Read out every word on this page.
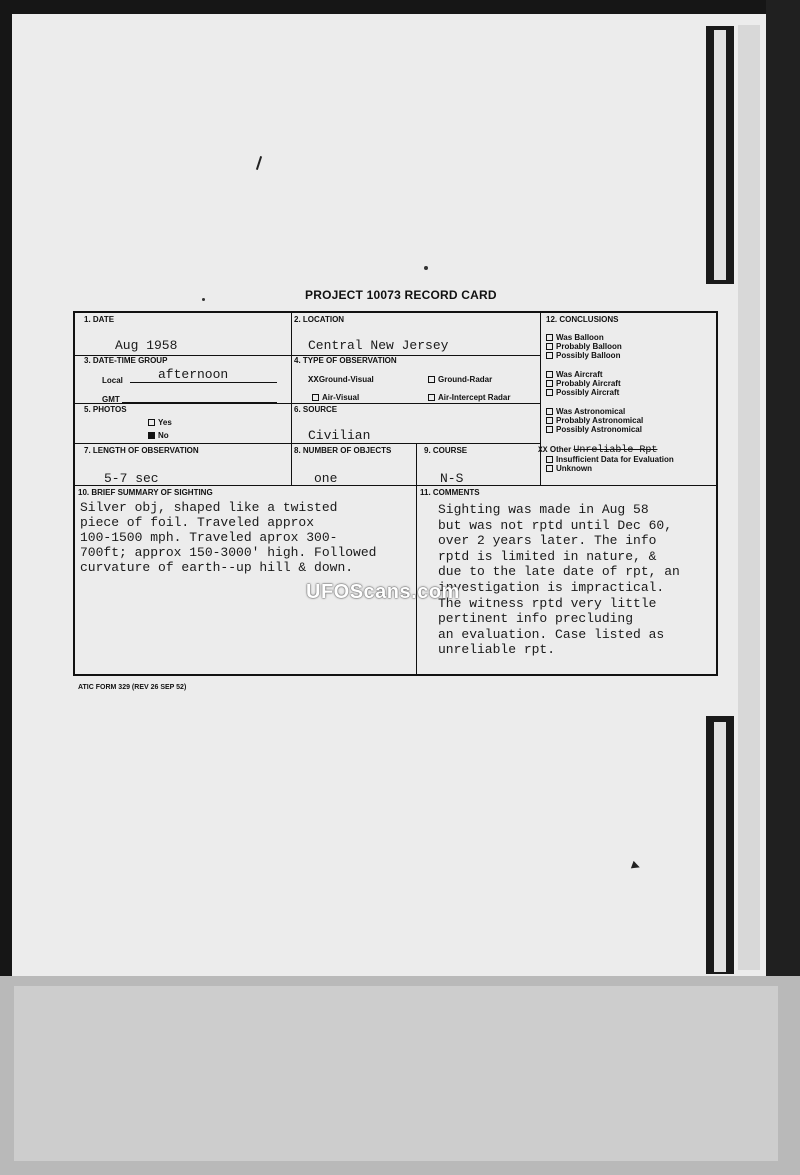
PROJECT 10073 RECORD CARD
1. DATE
Aug 1958
2. LOCATION
Central New Jersey
3. DATE-TIME GROUP
Local	afternoon
GMT
4. TYPE OF OBSERVATION
XXGround-Visual	Ground-Radar
Air-Visual	Air-Intercept Radar
5. PHOTOS
Yes
No
6. SOURCE
Civilian
7. LENGTH OF OBSERVATION
5-7 sec
8. NUMBER OF OBJECTS
one
9. COURSE
N-S
10. BRIEF SUMMARY OF SIGHTING
Silver obj, shaped like a twisted
piece of foil. Traveled approx
100-1500 mph. Traveled aprox 300-
700ft; approx 150-3000' high. Followed
curvature of earth--up hill & down.
11. COMMENTS
Sighting was made in Aug 58
but was not rptd until Dec 60,
over 2 years later. The info
rptd is limited in nature, &
due to the late date of rpt, an
investigation is impractical.
The witness rptd very little
pertinent info precluding
an evaluation. Case listed as
unreliable rpt.
12. CONCLUSIONS
Was Balloon
Probably Balloon
Possibly Balloon
Was Aircraft
Probably Aircraft
Possibly Aircraft
Was Astronomical
Probably Astronomical
Possibly Astronomical
XX Other Unreliable Rpt
Insufficient Data for Evaluation
Unknown
UFOScans.com
ATIC FORM 329 (REV 26 SEP 52)
